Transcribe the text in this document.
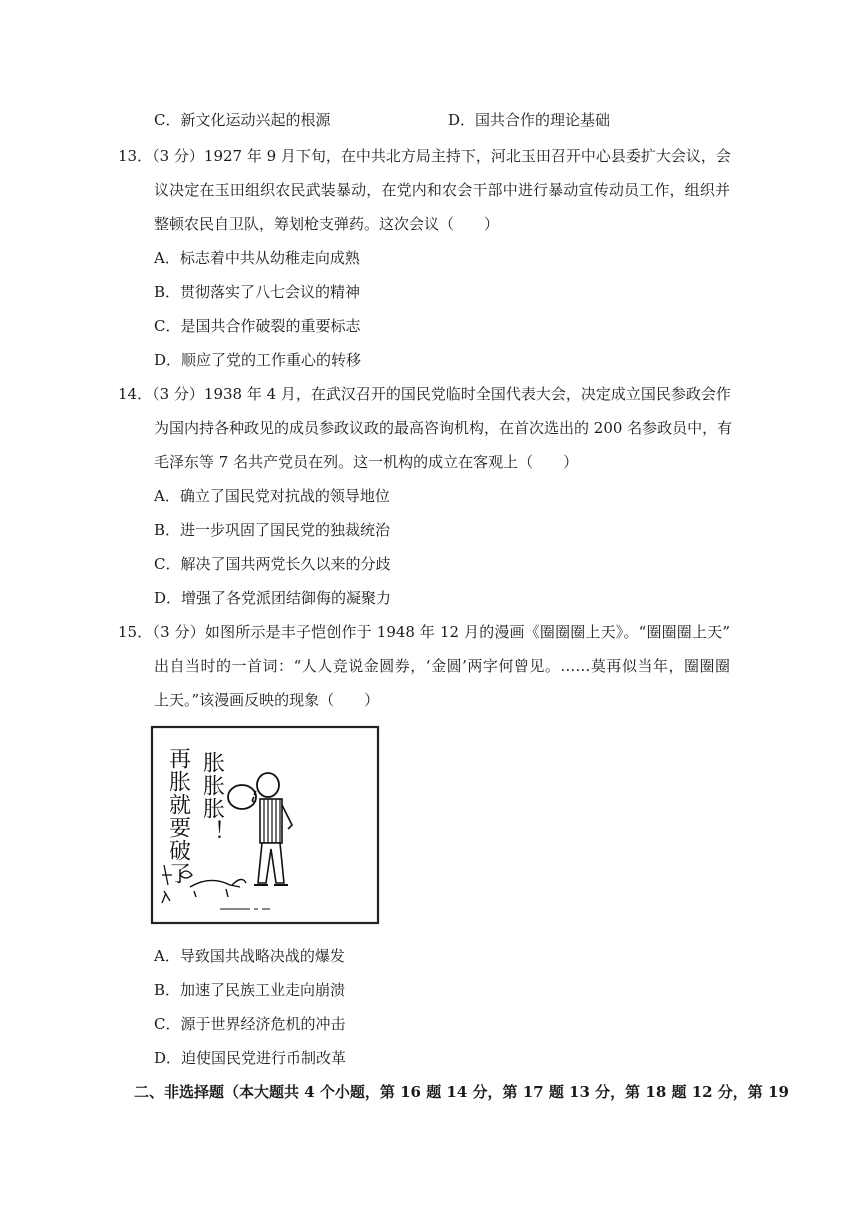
C．新文化运动兴起的根源	D．国共合作的理论基础
13．（3 分）1927 年 9 月下旬，在中共北方局主持下，河北玉田召开中心县委扩大会议，会
议决定在玉田组织农民武装暴动，在党内和农会干部中进行暴动宣传动员工作，组织并
整顿农民自卫队，筹划枪支弹药。这次会议（　　）
A．标志着中共从幼稚走向成熟
B．贯彻落实了八七会议的精神
C．是国共合作破裂的重要标志
D．顺应了党的工作重心的转移
14．（3 分）1938 年 4 月，在武汉召开的国民党临时全国代表大会，决定成立国民参政会作
为国内持各种政见的成员参政议政的最高咨询机构，在首次选出的 200 名参政员中，有
毛泽东等 7 名共产党员在列。这一机构的成立在客观上（　　）
A．确立了国民党对抗战的领导地位
B．进一步巩固了国民党的独裁统治
C．解决了国共两党长久以来的分歧
D．增强了各党派团结御侮的凝聚力
15．（3 分）如图所示是丰子恺创作于 1948 年 12 月的漫画《圈圈圈上天》。“圈圈圈上天”
出自当时的一首词：“人人竞说金圆券，‘金圆’两字何曾见。……莫再似当年，圈圈圈
上天。”该漫画反映的现象（　　）
胀胀胀！
再胀就要破了
A．导致国共战略决战的爆发
B．加速了民族工业走向崩溃
C．源于世界经济危机的冲击
D．迫使国民党进行币制改革
二、非选择题（本大题共 4 个小题，第 16 题 14 分，第 17 题 13 分，第 18 题 12 分，第 19
